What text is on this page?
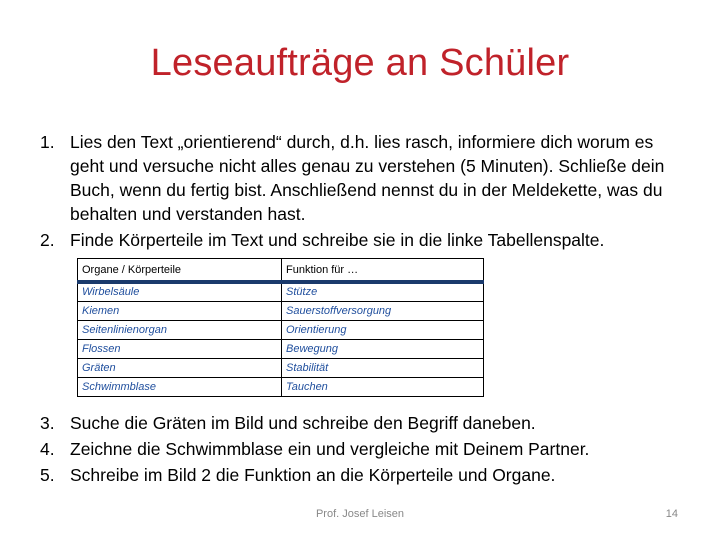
Leseaufträge an Schüler
1. Lies den Text „orientierend“ durch, d.h. lies rasch, informiere dich worum es geht und versuche nicht alles genau zu verstehen (5 Minuten). Schließe dein Buch, wenn du fertig bist. Anschließend nennst du in der Meldekette, was du behalten und verstanden hast.
2. Finde Körperteile im Text und schreibe sie in die linke Tabellenspalte.
Organe / Körperteile	Funktion für …
Wirbelsäule	Stütze
Kiemen	Sauerstoffversorgung
Seitenlinienorgan	Orientierung
Flossen	Bewegung
Gräten	Stabilität
Schwimmblase	Tauchen
3. Suche die Gräten im Bild und schreibe den Begriff daneben.
4. Zeichne die Schwimmblase ein und vergleiche mit Deinem Partner.
5. Schreibe im Bild 2 die Funktion an die Körperteile und Organe.
Prof. Josef Leisen	14
